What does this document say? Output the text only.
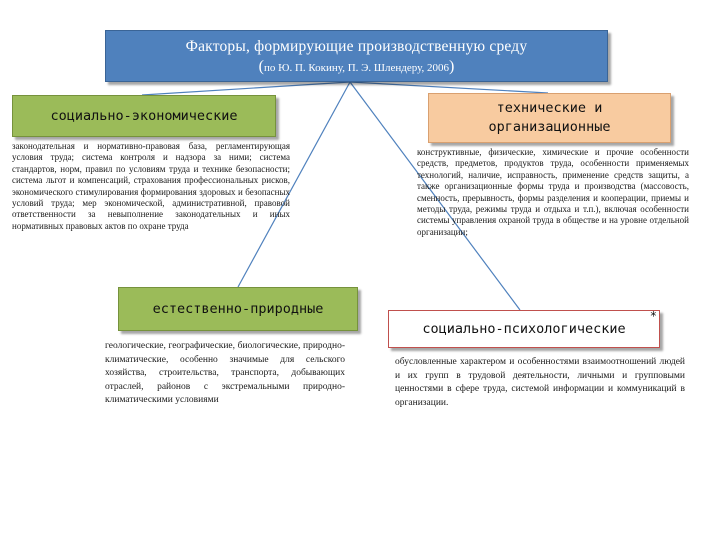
Факторы, формирующие производственную среду
(по Ю. П. Кокину, П. Э. Шлендеру, 2006)
социально-экономические
законодательная и нормативно-правовая база, регламентирующая условия труда; система контроля и надзора за ними; система стандартов, норм, правил по условиям труда и технике безопасности; система льгот и компенсаций, страхования профессиональных рисков, экономического стимулирования формирования здоровых и безопасных условий труда; мер экономической, административной, правовой ответственности за невыполнение законодательных и иных нормативных правовых актов по охране труда
технические и
организационные
конструктивные, физические, химические и прочие особенности средств, предметов, продуктов труда, особенности применяемых технологий, наличие, исправность, применение средств защиты, а также организационные формы труда и производства (массовость, сменность, прерывность, формы разделения и кооперации, приемы и методы труда, режимы труда и отдыха и т.п.), включая особенности системы управления охраной труда в обществе и на уровне отдельной организации;
естественно-природные
геологические, географические, биологические, природно-климатические, особенно значимые для сельского хозяйства, строительства, транспорта, добывающих отраслей, районов с экстремальными природно-климатическими условиями
социально-психологические
*
обусловленные характером и особенностями взаимоотношений людей и их групп в трудовой деятельности, личными и групповыми ценностями в сфере труда, системой информации и коммуникаций в организации.
